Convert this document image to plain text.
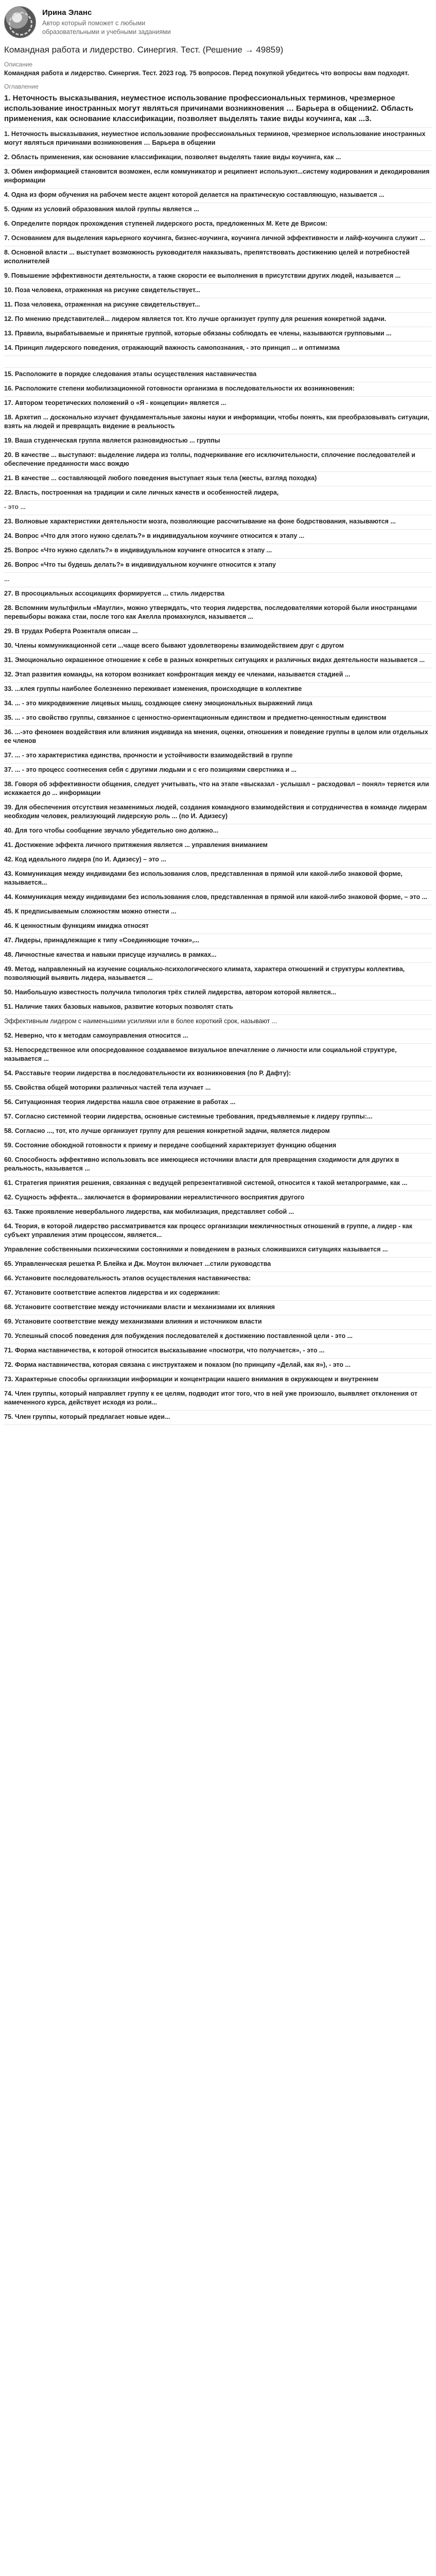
Ирина Эланс
Автор который поможет с любыми образовательными и учебными заданиями
Командная работа и лидерство. Синергия. Тест. (Решение → 49859)
Описание
Командная работа и лидерство. Синергия. Тест. 2023 год. 75 вопросов. Перед покупкой убедитесь что вопросы вам подходят.
Оглавление
1. Неточность высказывания, неуместное использование профессиональных терминов, чрезмерное использование иностранных могут являться причинами возникновения … Барьера в общении2. Область применения, как основание классификации, позволяет выделять такие виды коучинга, как ...3.
1. Неточность высказывания, неуместное использование профессиональных терминов, чрезмерное использование иностранных могут являться причинами возникновения … Барьера в общении
2. Область применения, как основание классификации, позволяет выделять такие виды коучинга, как ...
3. Обмен информацией становится возможен, если коммуникатор и реципиент используют...систему кодирования и декодирования информации
4. Одна из форм обучения на рабочем месте акцент которой делается на практическую составляющую, называется ...
5. Одним из условий образования малой группы является ...
6. Определите порядок прохождения ступеней лидерского роста, предложенных М. Кете де Врисом:
7. Основанием для выделения карьерного коучинга, бизнес-коучинга, коучинга личной эффективности и лайф-коучинга служит ...
8. Основной власти ... выступает возможность руководителя наказывать, препятствовать достижению целей и потребностей исполнителей
9. Повышение эффективности деятельности, а также скорости ее выполнения в присутствии других людей, называется ...
10. Поза человека, отраженная на рисунке свидетельствует...
11. Поза человека, отраженная на рисунке свидетельствует...
12. По мнению представителей... лидером является тот. Кто лучше организует группу для решения конкретной задачи.
13. Правила, вырабатываемые и принятые группой, которые обязаны соблюдать ее члены, называются групповыми ...
14. Принцип лидерского поведения, отражающий важность самопознания, - это принцип ... и оптимизма
15. Расположите в порядке следования этапы осуществления наставничества
16. Расположите степени мобилизационной готовности организма в последовательности их возникновения:
17. Автором теоретических положений о «Я - концепции» является ...
18. Архетип ... досконально изучает фундаментальные законы науки и информации, чтобы понять, как преобразовывать ситуации, взять на людей и превращать видение в реальность
19. Ваша студенческая группа является разновидностью ... группы
20. В качестве ... выступают: выделение лидера из толпы, подчеркивание его исключительности, сплочение последователей и обеспечение преданности масс вождю
21. В качестве ... составляющей любого поведения выступает язык тела (жесты, взгляд походка)
22. Власть, построенная на традиции и силе личных качеств и особенностей лидера,
- это ...
23. Волновые характеристики деятельности мозга, позволяющие рассчитывание на фоне бодрствования, называются ...
24. Вопрос «Что для этого нужно сделать?» в индивидуальном коучинге относится к этапу ...
25. Вопрос «Что нужно сделать?» в индивидуальном коучинге относится к этапу ...
26. Вопрос «Что ты будешь делать?» в индивидуальном коучинге относится к этапу
...
27. В просоциальных ассоциациях формируется ... стиль лидерства
28. Вспомним мультфильм «Маугли», можно утверждать, что теория лидерства, последователями которой были иностранцами перевыборы вожака стаи, после того как Акелла промахнулся, называется ...
29. В трудах Роберта Розенталя описан ...
30. Члены коммуникационной сети ...чаще всего бывают удовлетворены взаимодействием друг с другом
31. Эмоционально окрашенное отношение к себе в разных конкретных ситуациях и различных видах деятельности называется ...
32. Этап развития команды, на котором возникает конфронтация между ее членами, называется стадией ...
33. ...клея группы наиболее болезненно переживает изменения, происходящие в коллективе
34. ... - это микродвижение лицевых мышц, создающее смену эмоциональных выражений лица
35. ... - это свойство группы, связанное с ценностно-ориентационным единством и предметно-ценностным единством
36. ...-это феномен воздействия или влияния индивида на мнения, оценки, отношения и поведение группы в целом или отдельных ее членов
37. ... - это характеристика единства, прочности и устойчивости взаимодействий в группе
37. ... - это процесс соотнесения себя с другими людьми и с его позициями сверстника и ...
38. Говоря об эффективности общения, следует учитывать, что на этапе «высказал - услышал – расходовал – понял» теряется или искажается до ... информации
39. Для обеспечения отсутствия незаменимых людей, создания командного взаимодействия и сотрудничества в команде лидерам необходим человек, реализующий лидерскую роль ... (по И. Адизесу)
40. Для того чтобы сообщение звучало убедительно оно должно...
41. Достижение эффекта личного притяжения является ... управления вниманием
42. Код идеального лидера (по И. Адизесу) – это ...
43. Коммуникация между индивидами без использования слов, представленная в прямой или какой-либо знаковой форме, называется...
44. Коммуникация между индивидами без использования слов, представленная в прямой или какой-либо знаковой форме, – это ...
45. К предписываемым сложностям можно отнести ...
46. К ценностным функциям имиджа относят
47. Лидеры, принадлежащие к типу «Соединяющие точки»,...
48. Личностные качества и навыки присуще изучались в рамках...
49. Метод, направленный на изучение социально-психологического климата, характера отношений и структуры коллектива, позволяющий выявить лидера, называется ...
50. Наибольшую известность получила типология трёх стилей лидерства, автором которой является...
51. Наличие таких базовых навыков, развитие которых позволят стать
Эффективным лидером с наименьшими усилиями или в более короткий срок, называют ...
52. Неверно, что к методам самоуправления относится ...
53. Непосредственное или опосредованное создаваемое визуальное впечатление о личности или социальной структуре, называется ...
54. Расставьте теории лидерства в последовательности их возникновения (по Р. Дафту):
55. Свойства общей моторики различных частей тела изучает ...
56. Ситуационная теория лидерства нашла свое отражение в работах ...
57. Согласно системной теории лидерства, основные системные требования, предъявляемые к лидеру группы:...
58. Согласно ..., тот, кто лучше организует группу для решения конкретной задачи, является лидером
59. Состояние обоюдной готовности к приему и передаче сообщений характеризует функцию общения
60. Способность эффективно использовать все имеющиеся источники власти для превращения сходимости для других в реальность, называется ...
61. Стратегия принятия решения, связанная с ведущей репрезентативной системой, относится к такой метапрограмме, как ...
62. Сущность эффекта... заключается в формировании нереалистичного восприятия другого
63. Также проявление невербального лидерства, как мобилизация, представляет собой ...
64. Теория, в которой лидерство рассматривается как процесс организации межличностных отношений в группе, а лидер - как субъект управления этим процессом, является...
Управление собственными психическими состояниями и поведением в разных сложившихся ситуациях называется ...
65. Управленческая решетка Р. Блейка и Дж. Моутон включает ...стили руководства
66. Установите последовательность этапов осуществления наставничества:
67. Установите соответствие аспектов лидерства и их содержания:
68. Установите соответствие между источниками власти и механизмами их влияния
69. Установите соответствие между механизмами влияния и источником власти
70. Успешный способ поведения для побуждения последователей к достижению поставленной цели - это ...
71. Форма наставничества, к которой относится высказывание «посмотри, что получается», - это ...
72. Форма наставничества, которая связана с инструктажем и показом (по принципу «Делай, как я»), - это ...
73. Характерные способы организации информации и концентрации нашего внимания в окружающем и внутреннем
74. Член группы, который направляет группу к ее целям, подводит итог того, что в ней уже произошло, выявляет отклонения от намеченного курса, действует исходя из роли...
75. Член группы, который предлагает новые идеи...
